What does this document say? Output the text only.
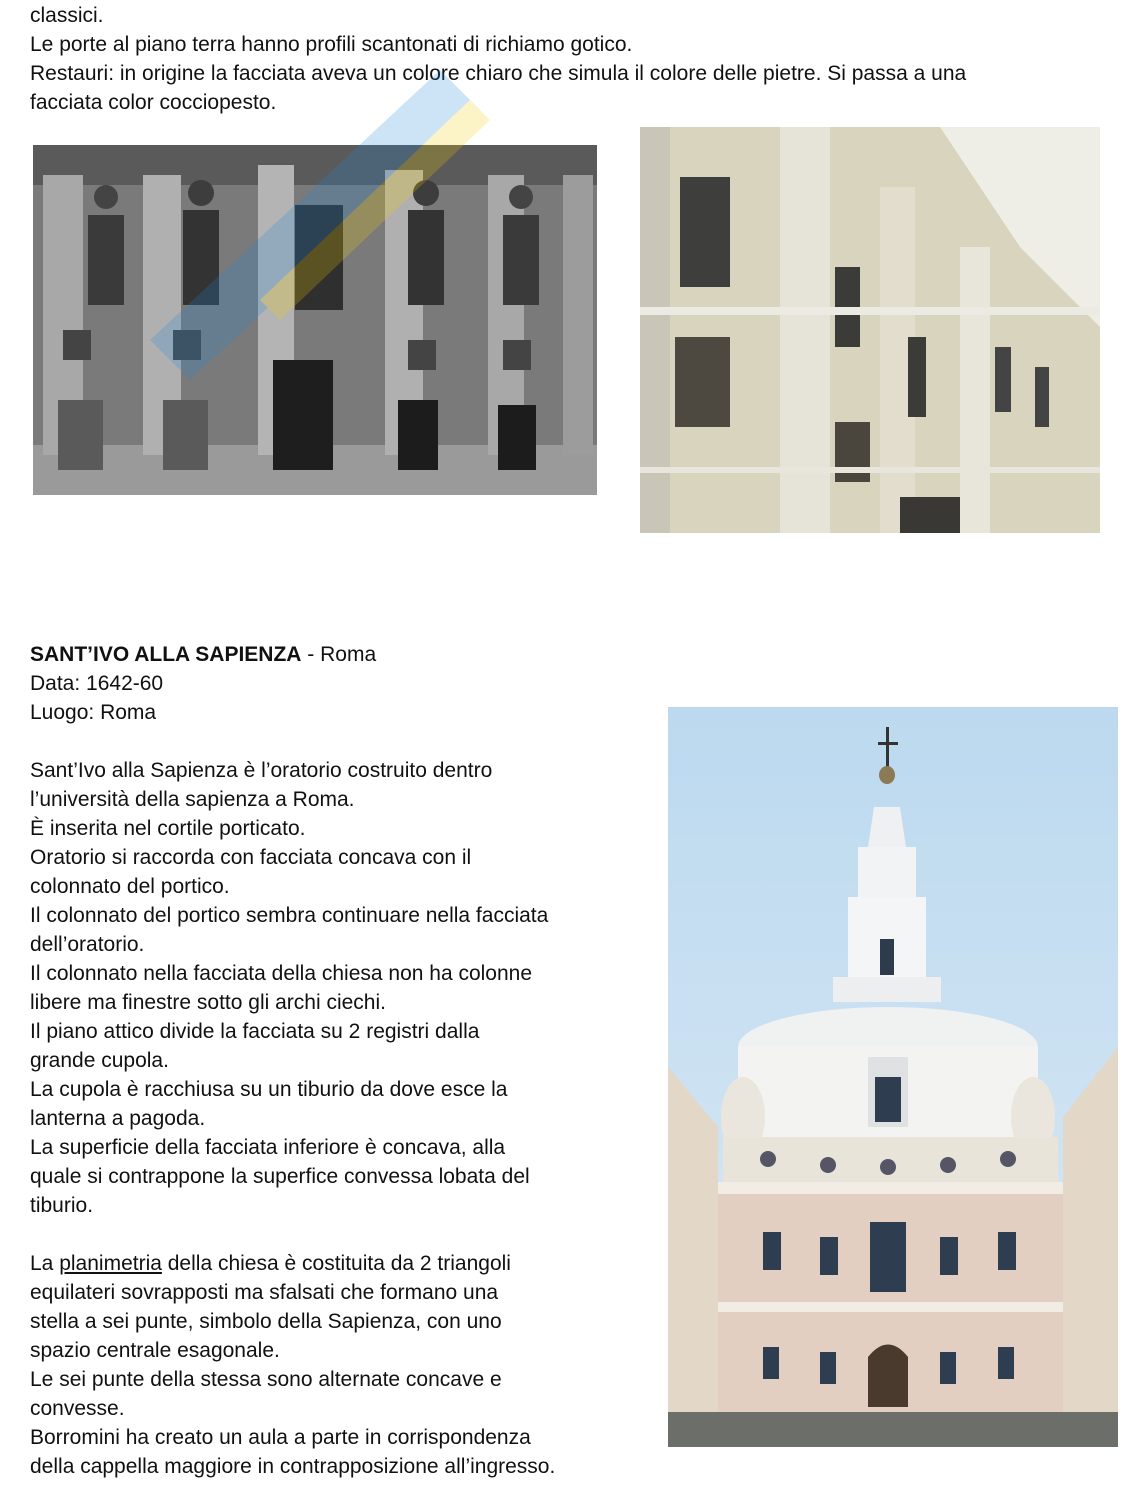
classici.
Le porte al piano terra hanno profili scantonati di richiamo gotico.
Restauri: in origine la facciata aveva un colore chiaro che simula il colore delle pietre. Si passa a una
facciata color cocciopesto.
SANT’IVO ALLA SAPIENZA - Roma
Data: 1642-60
Luogo: Roma
Sant’Ivo alla Sapienza è l’oratorio costruito dentro
l’università della sapienza a Roma.
È inserita nel cortile porticato.
Oratorio si raccorda con facciata concava con il
colonnato del portico.
Il colonnato del portico sembra continuare nella facciata
dell’oratorio.
Il colonnato nella facciata della chiesa non ha colonne
libere ma finestre sotto gli archi ciechi.
Il piano attico divide la facciata su 2 registri dalla
grande cupola.
La cupola è racchiusa su un tiburio da dove esce la
lanterna a pagoda.
La superficie della facciata inferiore è concava, alla
quale si contrappone la superfice convessa lobata del
tiburio.
La planimetria della chiesa è costituita da 2 triangoli
equilateri sovrapposti ma sfalsati che formano una
stella a sei punte, simbolo della Sapienza, con uno
spazio centrale esagonale.
Le sei punte della stessa sono alternate concave e
convesse.
Borromini ha creato un aula a parte in corrispondenza
della cappella maggiore in contrapposizione all’ingresso.
